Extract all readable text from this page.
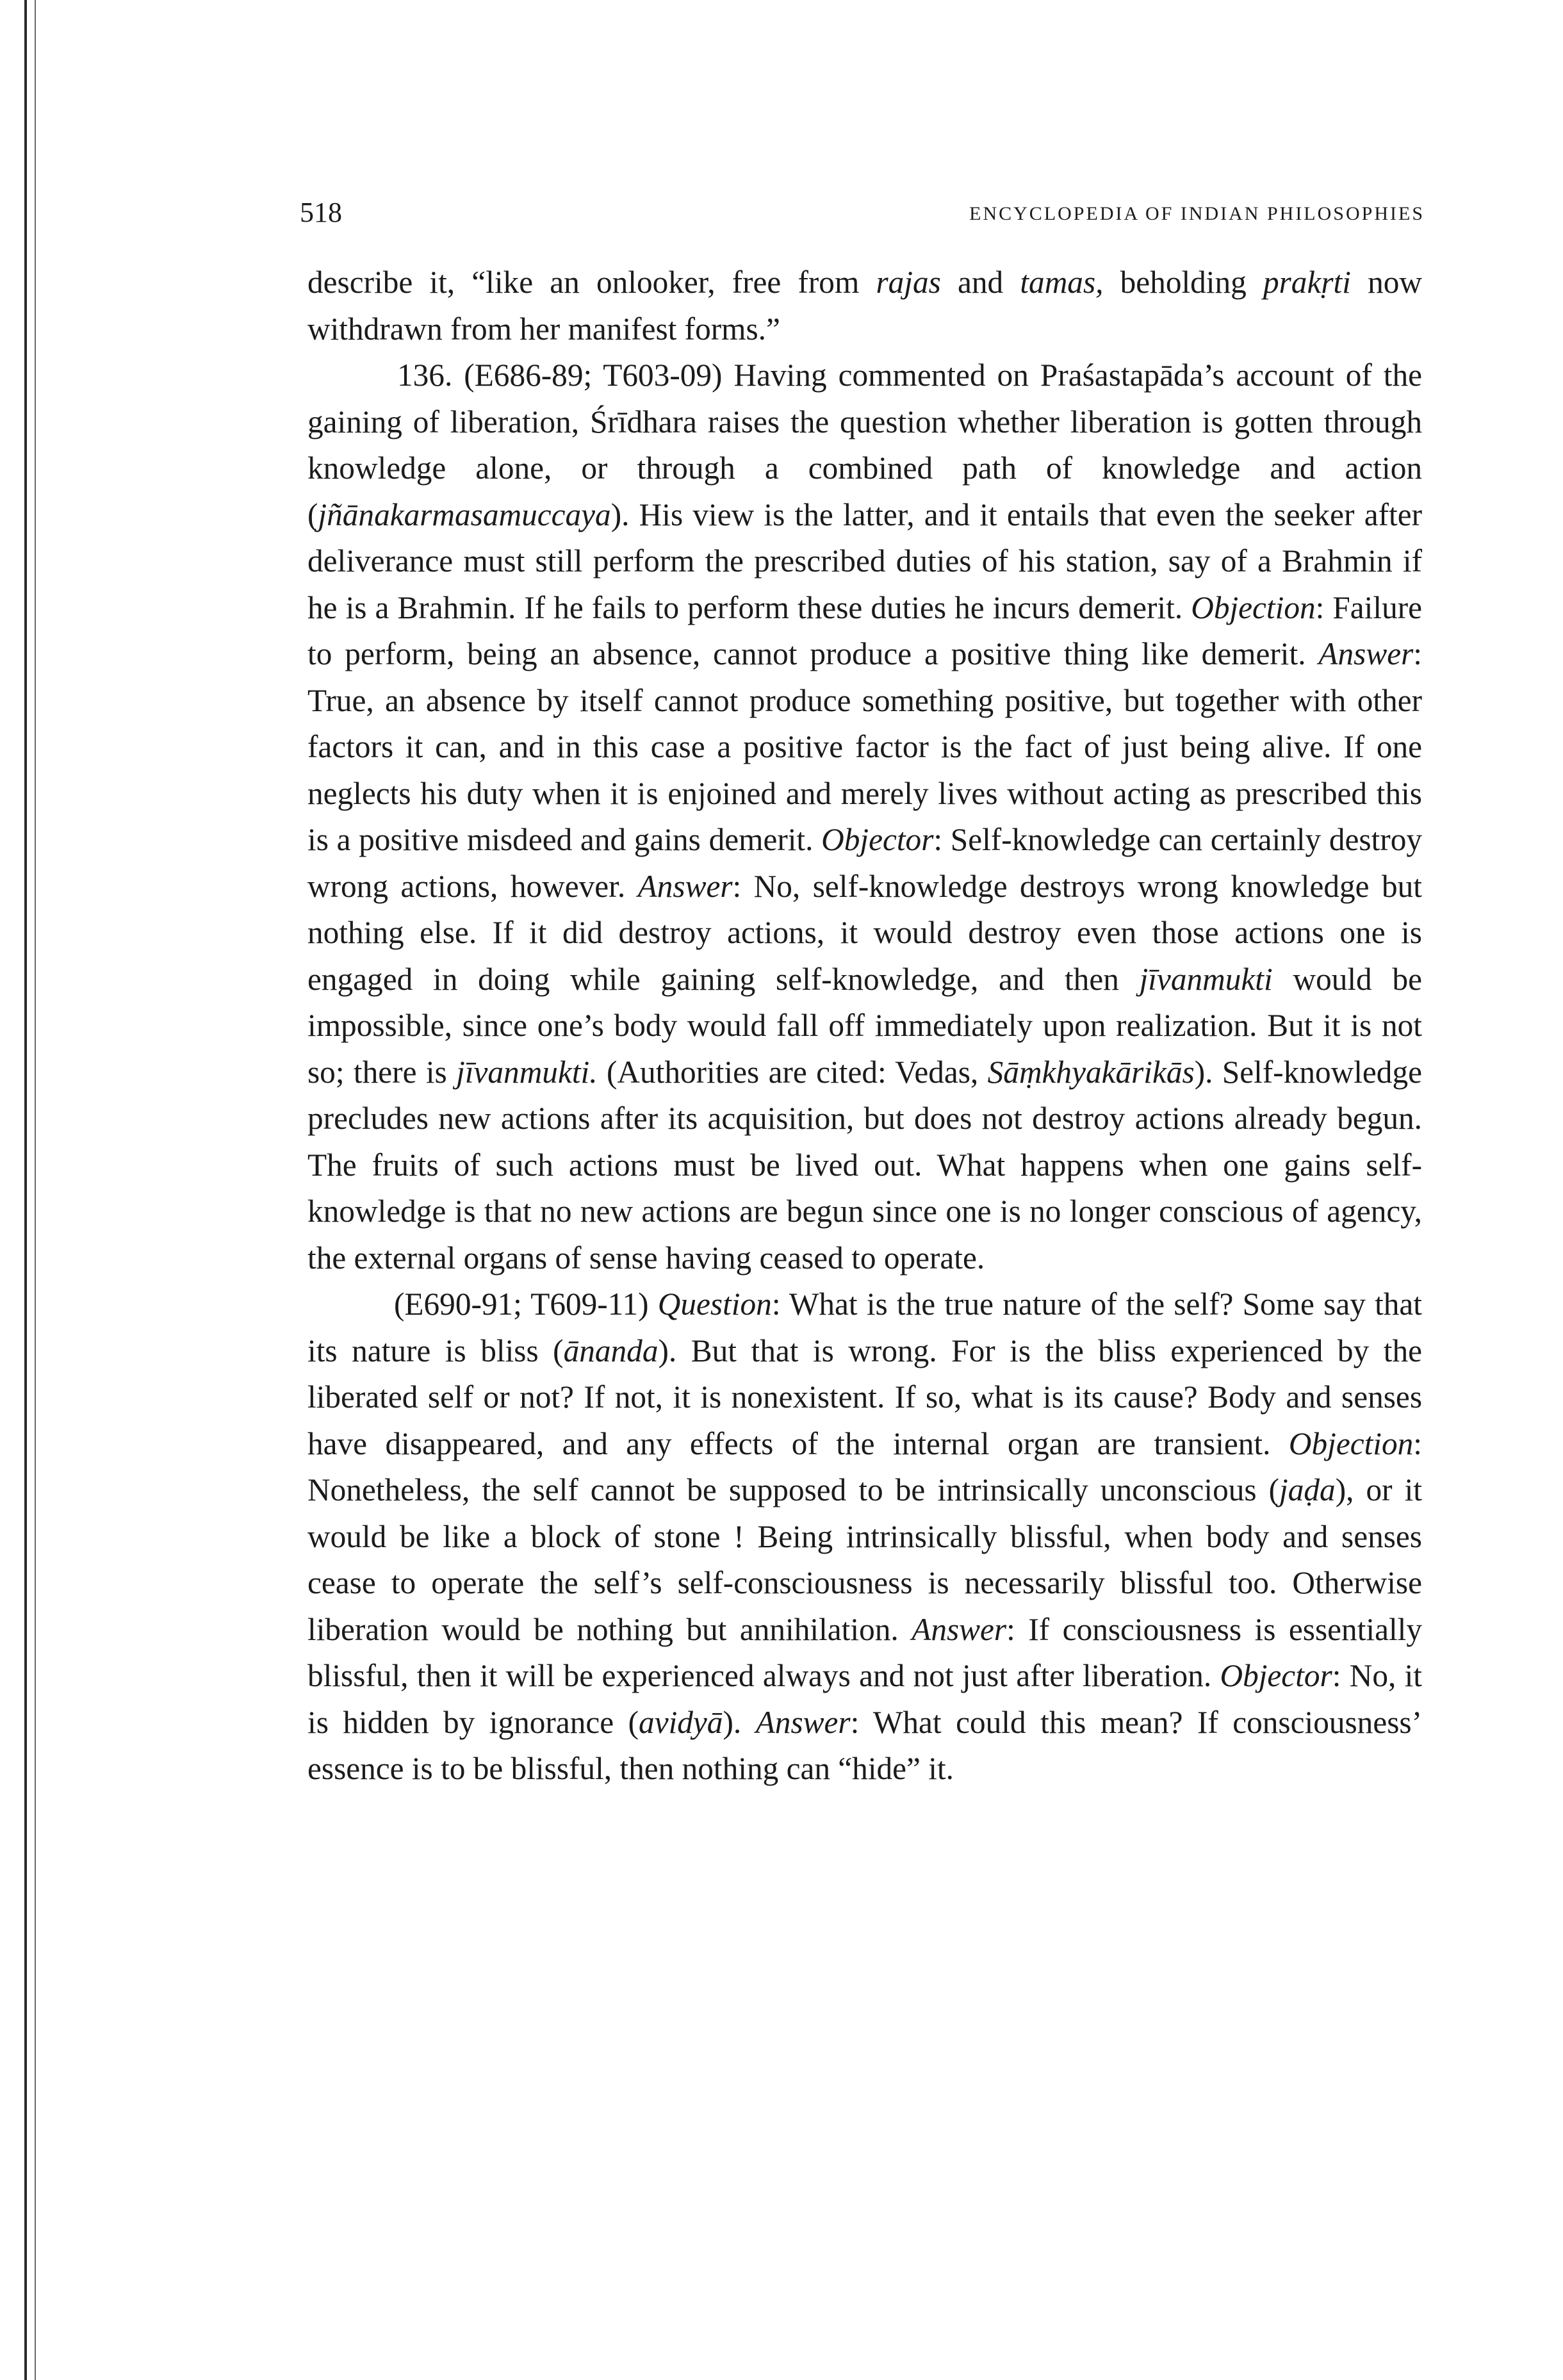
518	ENCYCLOPEDIA OF INDIAN PHILOSOPHIES

describe it, “like an onlooker, free from rajas and tamas, beholding prakṛti now withdrawn from her manifest forms.”

136. (E686-89; T603-09) Having commented on Praśastapāda’s account of the gaining of liberation, Śrīdhara raises the question whether liberation is gotten through knowledge alone, or through a combined path of knowledge and action (jñānakarmasamuccaya). His view is the latter, and it entails that even the seeker after deliverance must still perform the prescribed duties of his station, say of a Brahmin if he is a Brahmin. If he fails to perform these duties he incurs demerit. Objection: Failure to perform, being an absence, cannot produce a positive thing like demerit. Answer: True, an absence by itself cannot produce something positive, but together with other factors it can, and in this case a positive factor is the fact of just being alive. If one neglects his duty when it is enjoined and merely lives without acting as prescribed this is a positive misdeed and gains demerit. Objector: Self-knowledge can certainly destroy wrong actions, however. Answer: No, self-knowledge destroys wrong knowledge but nothing else. If it did destroy actions, it would destroy even those actions one is engaged in doing while gaining self-knowledge, and then jīvanmukti would be impossible, since one’s body would fall off immediately upon realization. But it is not so; there is jīvanmukti. (Authorities are cited: Vedas, Sāṃkhyakārikās). Self-knowledge precludes new actions after its acquisition, but does not destroy actions already begun. The fruits of such actions must be lived out. What happens when one gains self-knowledge is that no new actions are begun since one is no longer conscious of agency, the external organs of sense having ceased to operate.

(E690-91; T609-11) Question: What is the true nature of the self? Some say that its nature is bliss (ānanda). But that is wrong. For is the bliss experienced by the liberated self or not? If not, it is nonexistent. If so, what is its cause? Body and senses have disappeared, and any effects of the internal organ are transient. Objection: Nonetheless, the self cannot be supposed to be intrinsically unconscious (jaḍa), or it would be like a block of stone ! Being intrinsically blissful, when body and senses cease to operate the self’s self-consciousness is necessarily blissful too. Otherwise liberation would be nothing but annihilation. Answer: If consciousness is essentially blissful, then it will be experienced always and not just after liberation. Objector: No, it is hidden by ignorance (avidyā). Answer: What could this mean? If consciousness’ essence is to be blissful, then nothing can “hide” it.
